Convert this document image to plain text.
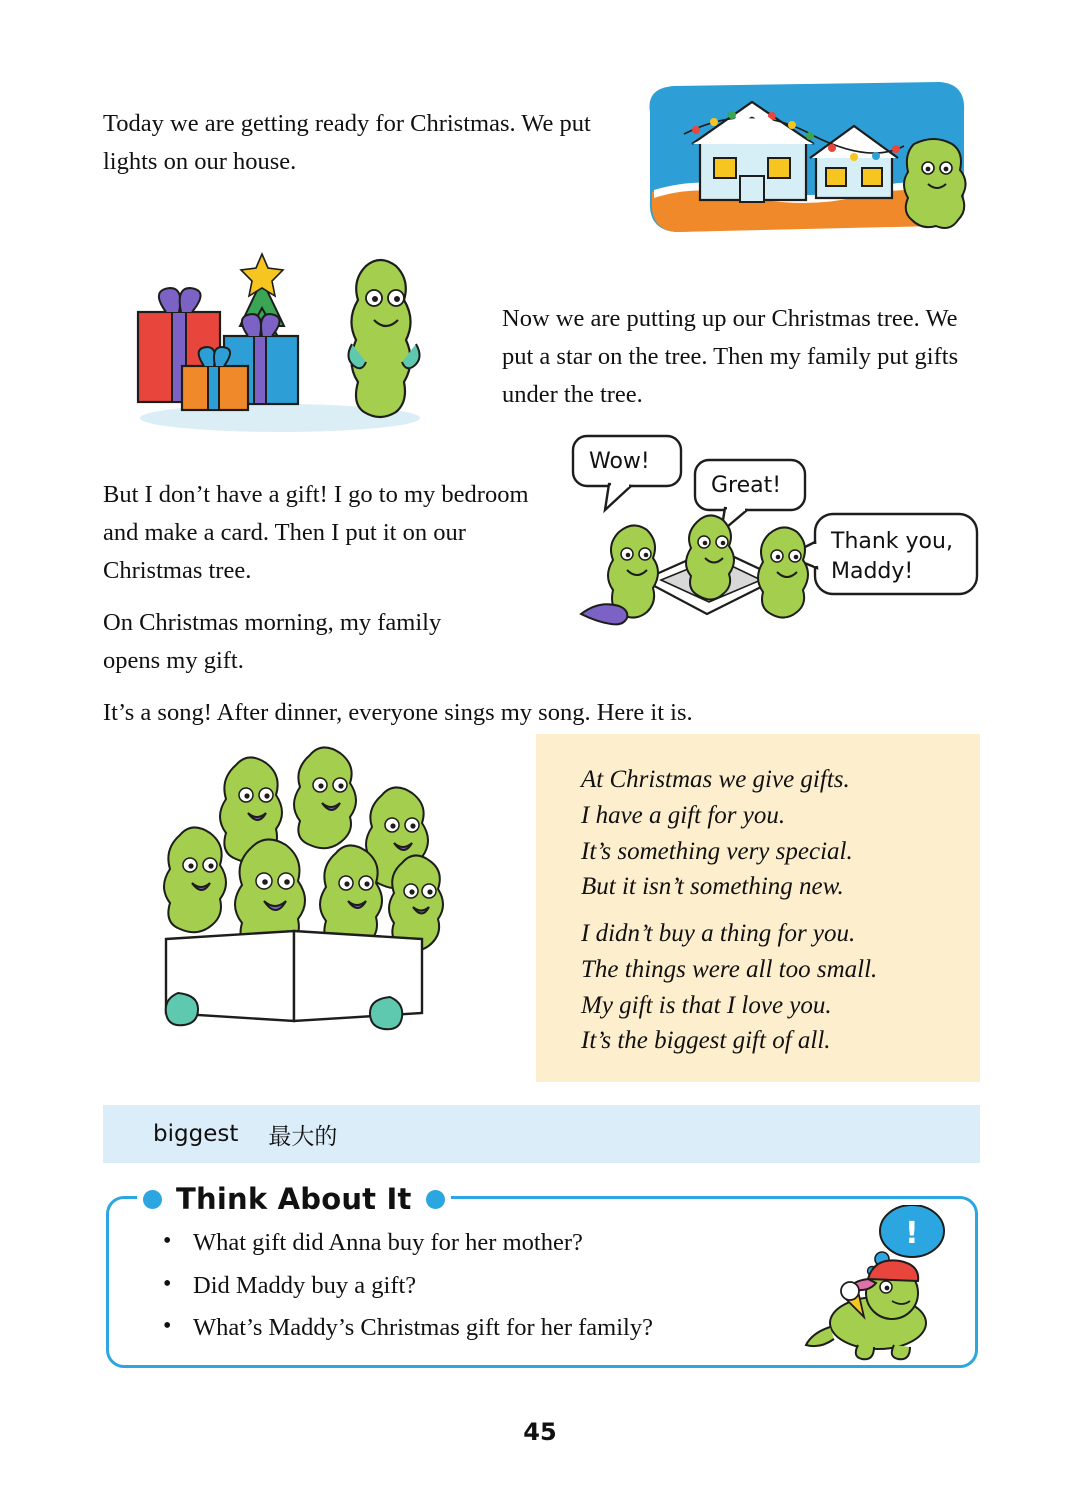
Today we are getting ready for Christmas. We put lights on our house.
Now we are putting up our Christmas tree. We put a star on the tree. Then my family put gifts under the tree.
But I don’t have a gift! I go to my bedroom and make a card. Then I put it on our Christmas tree.
On Christmas morning, my family opens my gift.
Wow!
Great!
Thank you,
Maddy!
It’s a song! After dinner, everyone sings my song. Here it is.
At Christmas we give gifts.
I have a gift for you.
It’s something very special.
But it isn’t something new.
I didn’t buy a thing for you.
The things were all too small.
My gift is that I love you.
It’s the biggest gift of all.
biggest 最大的
Think About It
• What gift did Anna buy for her mother?
• Did Maddy buy a gift?
• What’s Maddy’s Christmas gift for her family?
!
45
